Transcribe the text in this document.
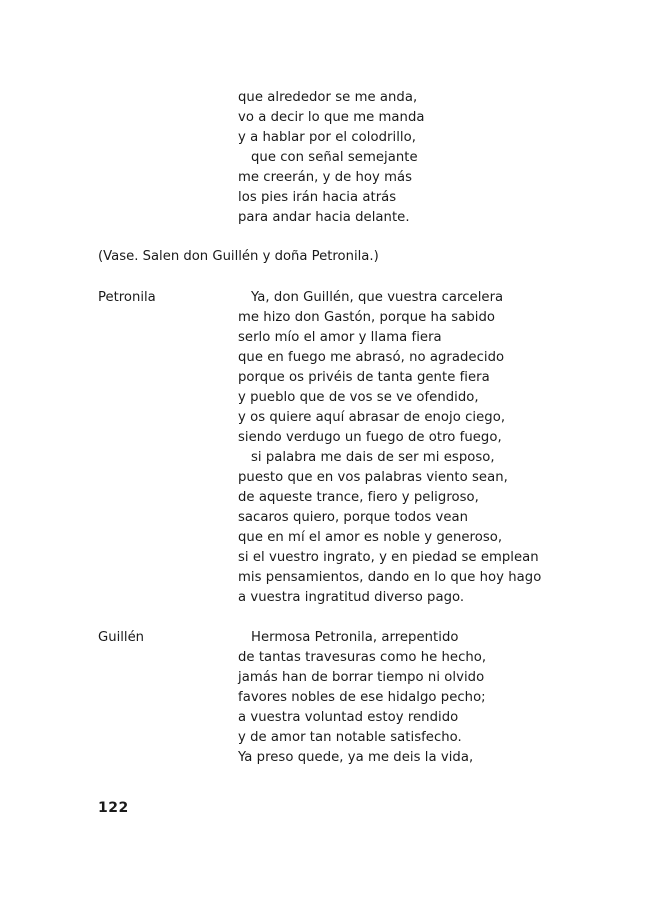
que alrededor se me anda,
vo a decir lo que me manda
y a hablar por el colodrillo,
que con señal semejante
me creerán, y de hoy más
los pies irán hacia atrás
para andar hacia delante.
(Vase. Salen don Guillén y doña Petronila.)
Petronila	Ya, don Guillén, que vuestra carcelera
me hizo don Gastón, porque ha sabido
serlo mío el amor y llama fiera
que en fuego me abrasó, no agradecido
porque os privéis de tanta gente fiera
y pueblo que de vos se ve ofendido,
y os quiere aquí abrasar de enojo ciego,
siendo verdugo un fuego de otro fuego,
si palabra me dais de ser mi esposo,
puesto que en vos palabras viento sean,
de aqueste trance, fiero y peligroso,
sacaros quiero, porque todos vean
que en mí el amor es noble y generoso,
si el vuestro ingrato, y en piedad se emplean
mis pensamientos, dando en lo que hoy hago
a vuestra ingratitud diverso pago.
Guillén	Hermosa Petronila, arrepentido
de tantas travesuras como he hecho,
jamás han de borrar tiempo ni olvido
favores nobles de ese hidalgo pecho;
a vuestra voluntad estoy rendido
y de amor tan notable satisfecho.
Ya preso quede, ya me deis la vida,
122
